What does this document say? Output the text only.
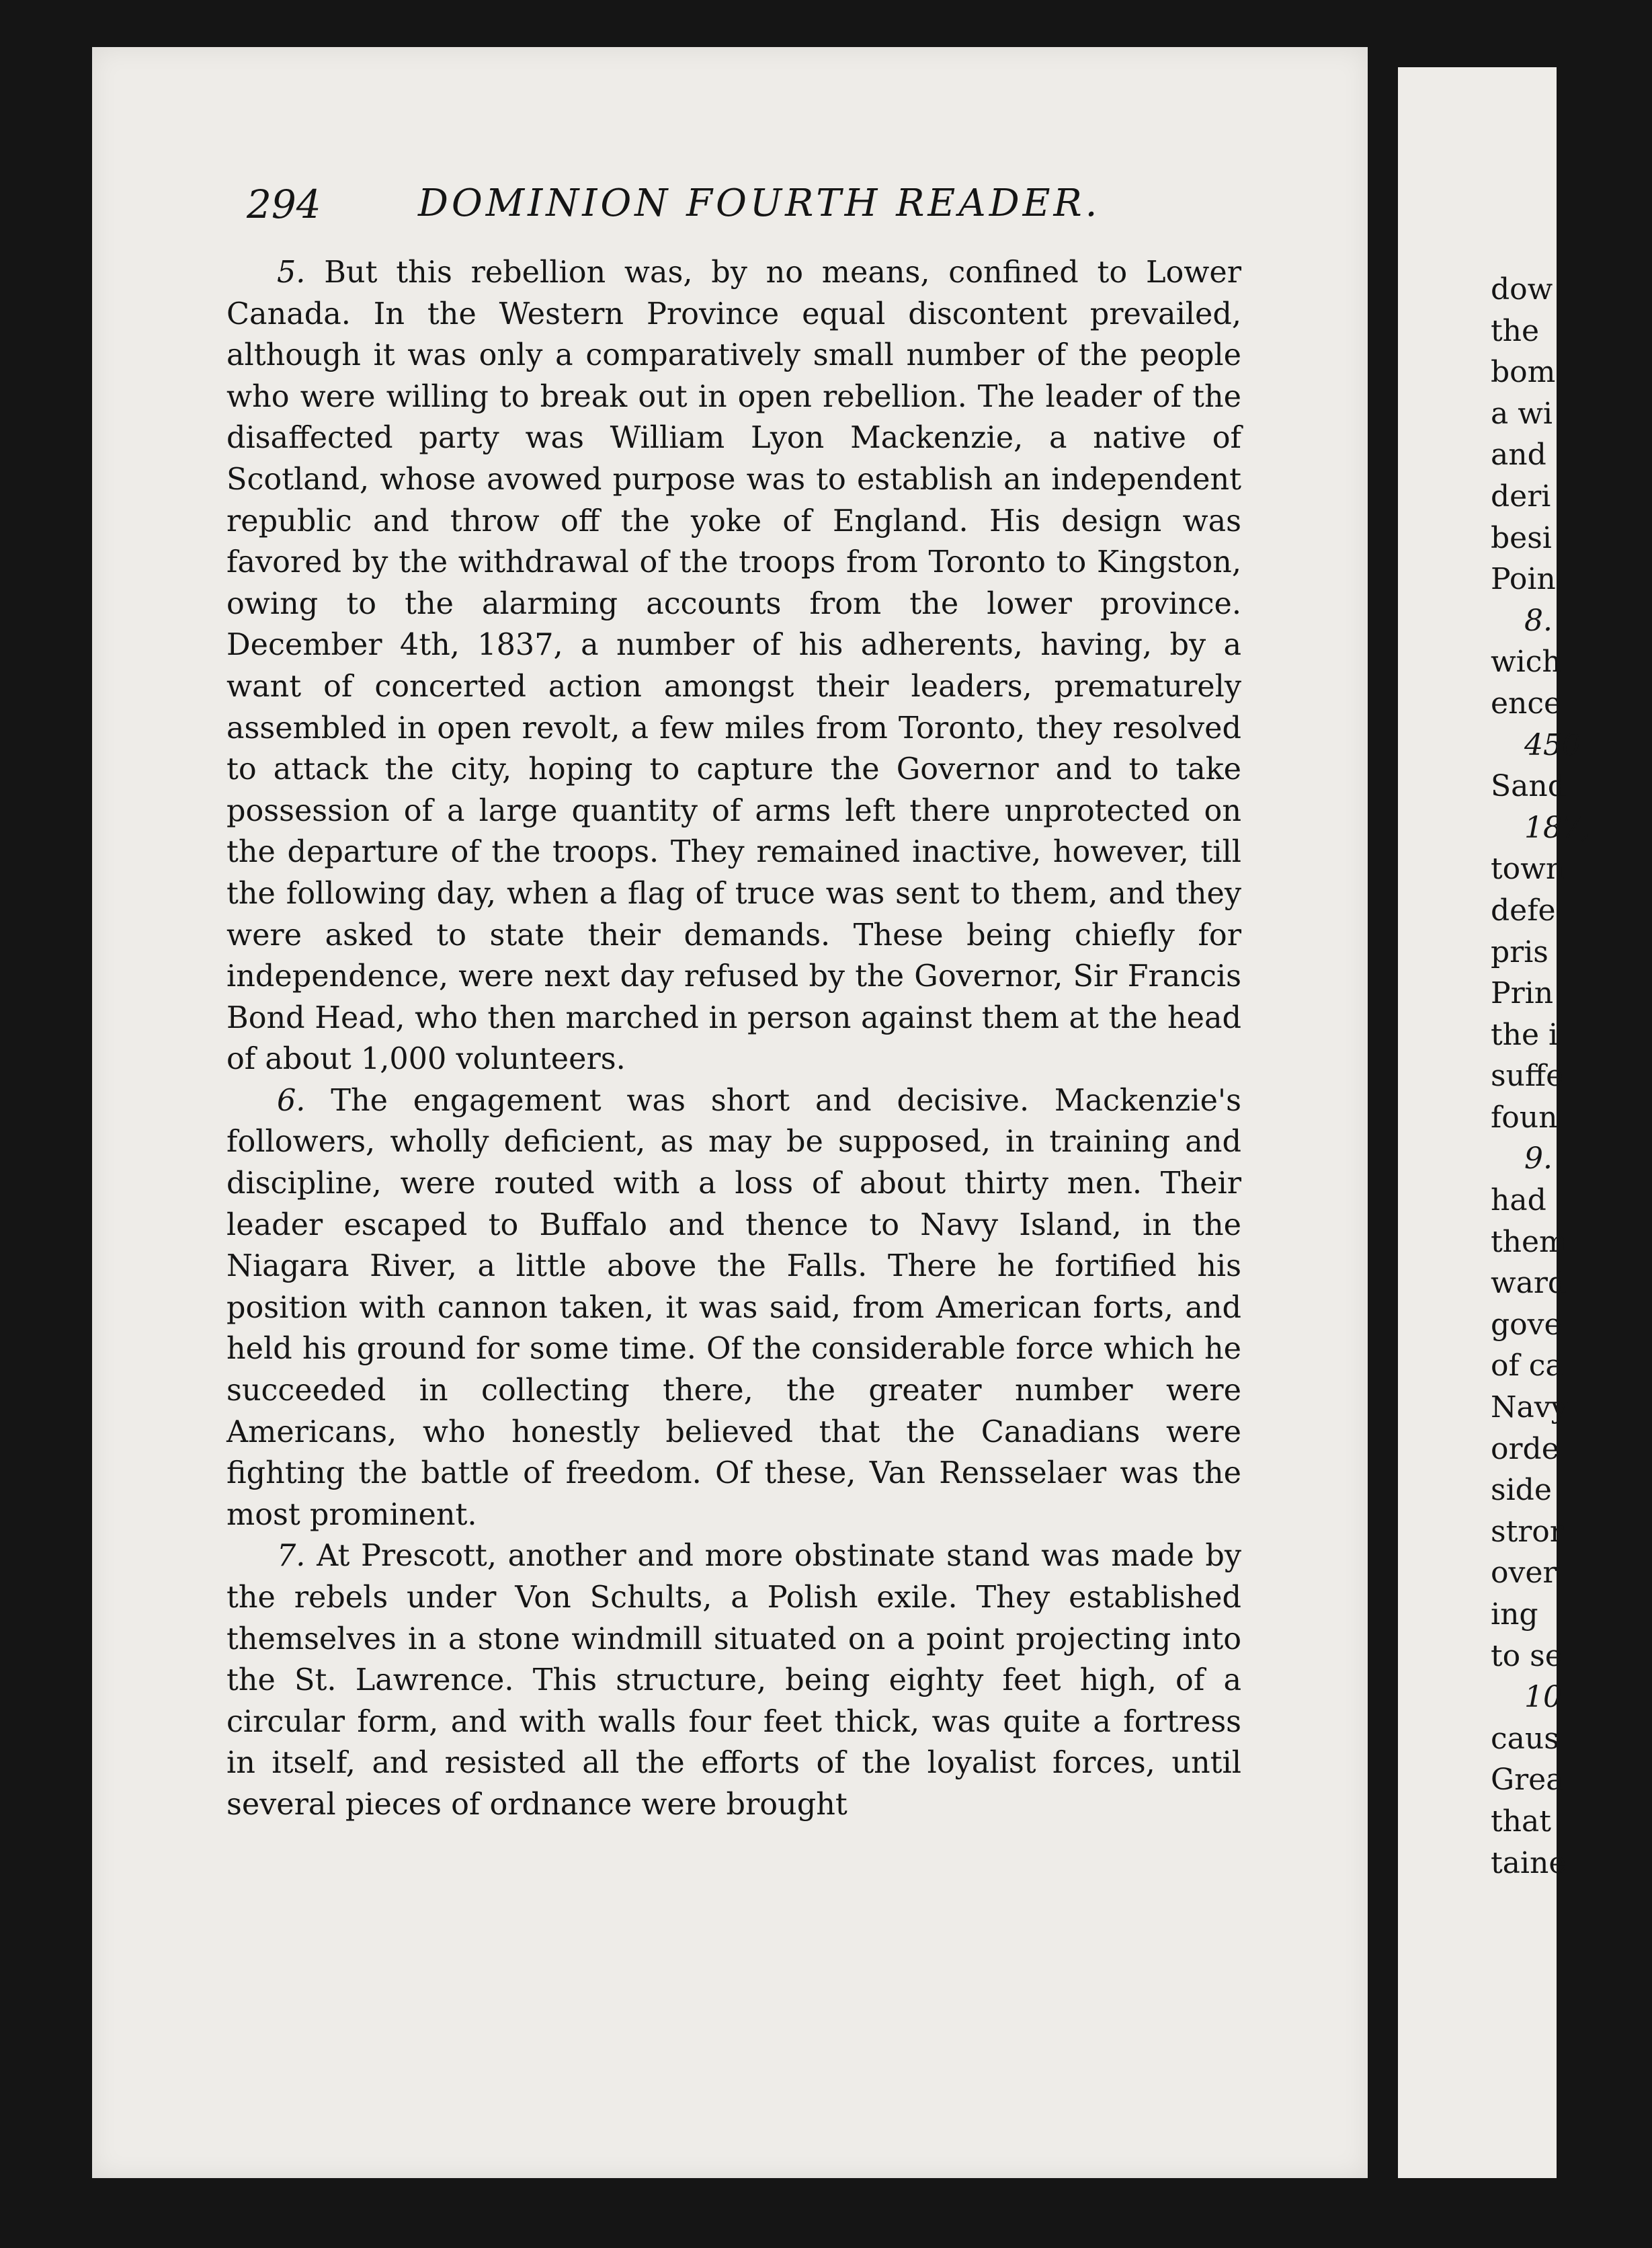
294	DOMINION FOURTH READER.

5. But this rebellion was, by no means, confined to Lower Canada. In the Western Province equal discontent prevailed, although it was only a comparatively small number of the people who were willing to break out in open rebellion. The leader of the disaffected party was William Lyon Mackenzie, a native of Scotland, whose avowed purpose was to establish an independent republic and throw off the yoke of England. His design was favored by the withdrawal of the troops from Toronto to Kingston, owing to the alarming accounts from the lower province. December 4th, 1837, a number of his adherents, having, by a want of concerted action amongst their leaders, prematurely assembled in open revolt, a few miles from Toronto, they resolved to attack the city, hoping to capture the Governor and to take possession of a large quantity of arms left there unprotected on the departure of the troops. They remained inactive, however, till the following day, when a flag of truce was sent to them, and they were asked to state their demands. These being chiefly for independence, were next day refused by the Governor, Sir Francis Bond Head, who then marched in person against them at the head of about 1,000 volunteers.

6. The engagement was short and decisive. Mackenzie's followers, wholly deficient, as may be supposed, in training and discipline, were routed with a loss of about thirty men. Their leader escaped to Buffalo and thence to Navy Island, in the Niagara River, a little above the Falls. There he fortified his position with cannon taken, it was said, from American forts, and held his ground for some time. Of the considerable force which he succeeded in collecting there, the greater number were Americans, who honestly believed that the Canadians were fighting the battle of freedom. Of these, Van Rensselaer was the most prominent.

7. At Prescott, another and more obstinate stand was made by the rebels under Von Schults, a Polish exile. They established themselves in a stone windmill situated on a point projecting into the St. Lawrence. This structure, being eighty feet high, of a circular form, and with walls four feet thick, was quite a fortress in itself, and resisted all the efforts of the loyalist forces, until several pieces of ordnance were brought

dow
the
bom
a wi
and
deri
besi
Poin
8.
wich
ence
450
Sand
187,
town
defe
pris
Prin
the i
suffe
foun
9.
had
them
ward
gove
of ca
Navy
orde
side
stror
over
ing
to se
10
caus
Grea
that
taine
